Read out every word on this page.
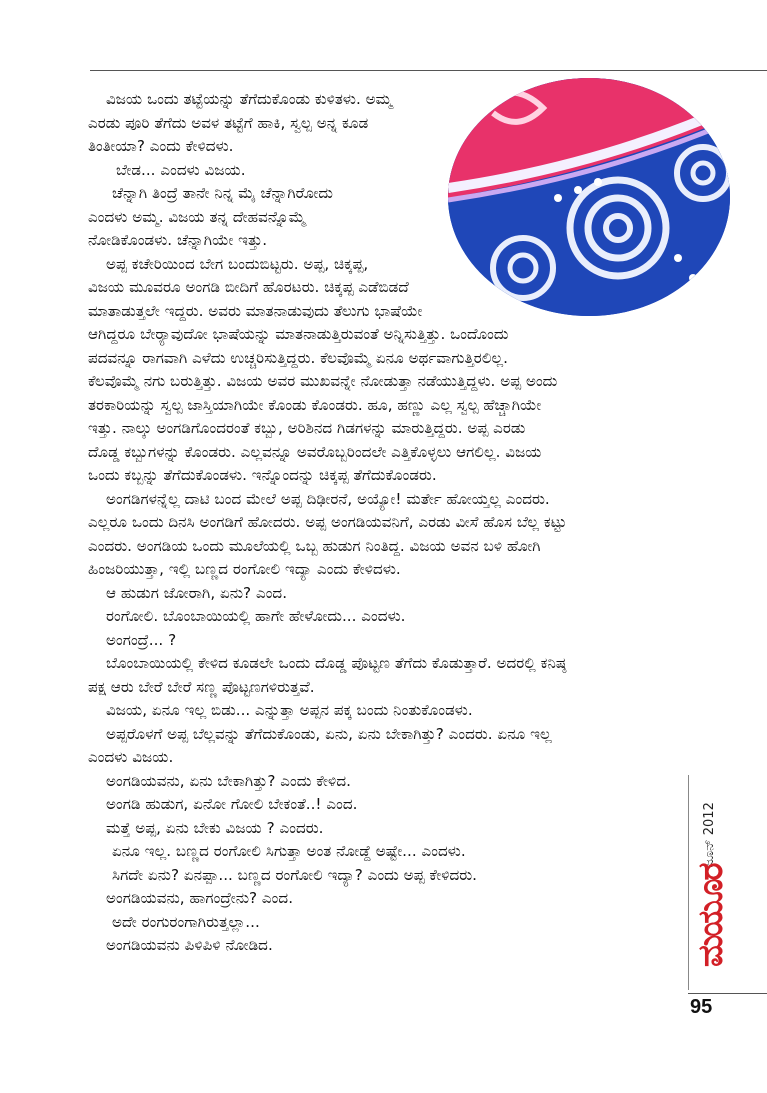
ವಿಜಯ ಒಂದು ತಟ್ಟೆಯನ್ನು ತೆಗೆದುಕೊಂಡು ಕುಳಿತಳು. ಅಮ್ಮ

ಎರಡು ಪೂರಿ ತೆಗೆದು ಅವಳ ತಟ್ಟೆಗೆ ಹಾಕಿ, ಸ್ವಲ್ಪ ಅನ್ನ ಕೂಡ

ತಿಂತೀಯಾ? ಎಂದು ಕೇಳಿದಳು.

ಬೇಡ... ಎಂದಳು ವಿಜಯ.

ಚೆನ್ನಾಗಿ ತಿಂದ್ರೆ ತಾನೇ ನಿನ್ನ ಮೈ ಚೆನ್ನಾಗಿರೋದು

ಎಂದಳು ಅಮ್ಮ. ವಿಜಯ ತನ್ನ ದೇಹವನ್ನೊಮ್ಮೆ

ನೋಡಿಕೊಂಡಳು. ಚೆನ್ನಾಗಿಯೇ ಇತ್ತು.

ಅಪ್ಪ ಕಚೇರಿಯಿಂದ ಬೇಗ ಬಂದುಬಿಟ್ಟರು. ಅಪ್ಪ, ಚಿಕ್ಕಪ್ಪ,

ವಿಜಯ ಮೂವರೂ ಅಂಗಡಿ ಬೀದಿಗೆ ಹೊರಟರು. ಚಿಕ್ಕಪ್ಪ ಎಡೆಬಿಡದೆ

ಮಾತಾಡುತ್ತಲೇ ಇದ್ದರು. ಅವರು ಮಾತನಾಡುವುದು ತೆಲುಗು ಭಾಷೆಯೇ

ಆಗಿದ್ದರೂ ಬೇರ್‍ಯಾವುದೋ ಭಾಷೆಯನ್ನು ಮಾತನಾಡುತ್ತಿರುವಂತೆ ಅನ್ನಿಸುತ್ತಿತ್ತು. ಒಂದೊಂದು

ಪದವನ್ನೂ ರಾಗವಾಗಿ ಎಳೆದು ಉಚ್ಚರಿಸುತ್ತಿದ್ದರು. ಕೆಲವೊಮ್ಮೆ ಏನೂ ಅರ್ಥವಾಗುತ್ತಿರಲಿಲ್ಲ.

ಕೆಲವೊಮ್ಮೆ ನಗು ಬರುತ್ತಿತ್ತು. ವಿಜಯ ಅವರ ಮುಖವನ್ನೇ ನೋಡುತ್ತಾ ನಡೆಯುತ್ತಿದ್ದಳು. ಅಪ್ಪ ಅಂದು

ತರಕಾರಿಯನ್ನು ಸ್ವಲ್ಪ ಜಾಸ್ತಿಯಾಗಿಯೇ ಕೊಂಡು ಕೊಂಡರು. ಹೂ, ಹಣ್ಣು ಎಲ್ಲ ಸ್ವಲ್ಪ ಹೆಚ್ಚಾಗಿಯೇ

ಇತ್ತು. ನಾಲ್ಕು ಅಂಗಡಿಗೊಂದರಂತೆ ಕಬ್ಬು, ಅರಿಶಿನದ ಗಿಡಗಳನ್ನು ಮಾರುತ್ತಿದ್ದರು. ಅಪ್ಪ ಎರಡು

ದೊಡ್ಡ ಕಬ್ಬುಗಳನ್ನು ಕೊಂಡರು. ಎಲ್ಲವನ್ನೂ ಅವರೊಬ್ಬರಿಂದಲೇ ಎತ್ತಿಕೊಳ್ಳಲು ಆಗಲಿಲ್ಲ. ವಿಜಯ

ಒಂದು ಕಬ್ಬನ್ನು ತೆಗೆದುಕೊಂಡಳು. ಇನ್ನೊಂದನ್ನು ಚಿಕ್ಕಪ್ಪ ತೆಗೆದುಕೊಂಡರು.

ಅಂಗಡಿಗಳನ್ನೆಲ್ಲ ದಾಟಿ ಬಂದ ಮೇಲೆ ಅಪ್ಪ ದಿಢೀರನೆ, ಅಯ್ಯೋ! ಮರ್ತೇ ಹೋಯ್ತಲ್ಲ ಎಂದರು.

ಎಲ್ಲರೂ ಒಂದು ದಿನಸಿ ಅಂಗಡಿಗೆ ಹೋದರು. ಅಪ್ಪ ಅಂಗಡಿಯವನಿಗೆ, ಎರಡು ವೀಸೆ ಹೊಸ ಬೆಲ್ಲ ಕಟ್ಟು

ಎಂದರು. ಅಂಗಡಿಯ ಒಂದು ಮೂಲೆಯಲ್ಲಿ ಒಬ್ಬ ಹುಡುಗ ನಿಂತಿದ್ದ. ವಿಜಯ ಅವನ ಬಳಿ ಹೋಗಿ

ಹಿಂಜರಿಯುತ್ತಾ, ಇಲ್ಲಿ ಬಣ್ಣದ ರಂಗೋಲಿ ಇದ್ಯಾ ಎಂದು ಕೇಳಿದಳು.

ಆ ಹುಡುಗ ಜೋರಾಗಿ, ಏನು? ಎಂದ.

ರಂಗೋಲಿ. ಬೊಂಬಾಯಿಯಲ್ಲಿ ಹಾಗೇ ಹೇಳೋದು... ಎಂದಳು.

ಅಂಗಂದ್ರೆ... ?

ಬೊಂಬಾಯಿಯಲ್ಲಿ ಕೇಳಿದ ಕೂಡಲೇ ಒಂದು ದೊಡ್ಡ ಪೊಟ್ಟಣ ತೆಗೆದು ಕೊಡುತ್ತಾರೆ. ಅದರಲ್ಲಿ ಕನಿಷ್ಠ

ಪಕ್ಷ ಆರು ಬೇರೆ ಬೇರೆ ಸಣ್ಣ ಪೊಟ್ಟಣಗಳಿರುತ್ತವೆ.

ವಿಜಯ, ಏನೂ ಇಲ್ಲ ಬಿಡು... ಎನ್ನುತ್ತಾ ಅಪ್ಪನ ಪಕ್ಕ ಬಂದು ನಿಂತುಕೊಂಡಳು.

ಅಪ್ಪರೊಳಗೆ ಅಪ್ಪ ಬೆಲ್ಲವನ್ನು ತೆಗೆದುಕೊಂಡು, ಏನು, ಏನು ಬೇಕಾಗಿತ್ತು? ಎಂದರು. ಏನೂ ಇಲ್ಲ

ಎಂದಳು ವಿಜಯ.

ಅಂಗಡಿಯವನು, ಏನು ಬೇಕಾಗಿತ್ತು? ಎಂದು ಕೇಳಿದ.

ಅಂಗಡಿ ಹುಡುಗ, ಏನೋ ಗೋಲಿ ಬೇಕಂತೆ..! ಎಂದ.

ಮತ್ತೆ ಅಪ್ಪ, ಏನು ಬೇಕು ವಿಜಯ ? ಎಂದರು.

ಏನೂ ಇಲ್ಲ. ಬಣ್ಣದ ರಂಗೋಲಿ ಸಿಗುತ್ತಾ ಅಂತ ನೋಡ್ದೆ ಅಷ್ಟೇ... ಎಂದಳು.

ಸಿಗದೇ ಏನು? ಏನಪ್ಪಾ... ಬಣ್ಣದ ರಂಗೋಲಿ ಇದ್ಯಾ? ಎಂದು ಅಪ್ಪ ಕೇಳಿದರು.

ಅಂಗಡಿಯವನು, ಹಾಗಂದ್ರೇನು? ಎಂದ.

ಅದೇ ರಂಗುರಂಗಾಗಿರುತ್ತಲ್ಲಾ...

ಅಂಗಡಿಯವನು ಪಿಳಿಪಿಳಿ ನೋಡಿದ.

ಜೂನ್ 2012
ಮಯೂರ
95
